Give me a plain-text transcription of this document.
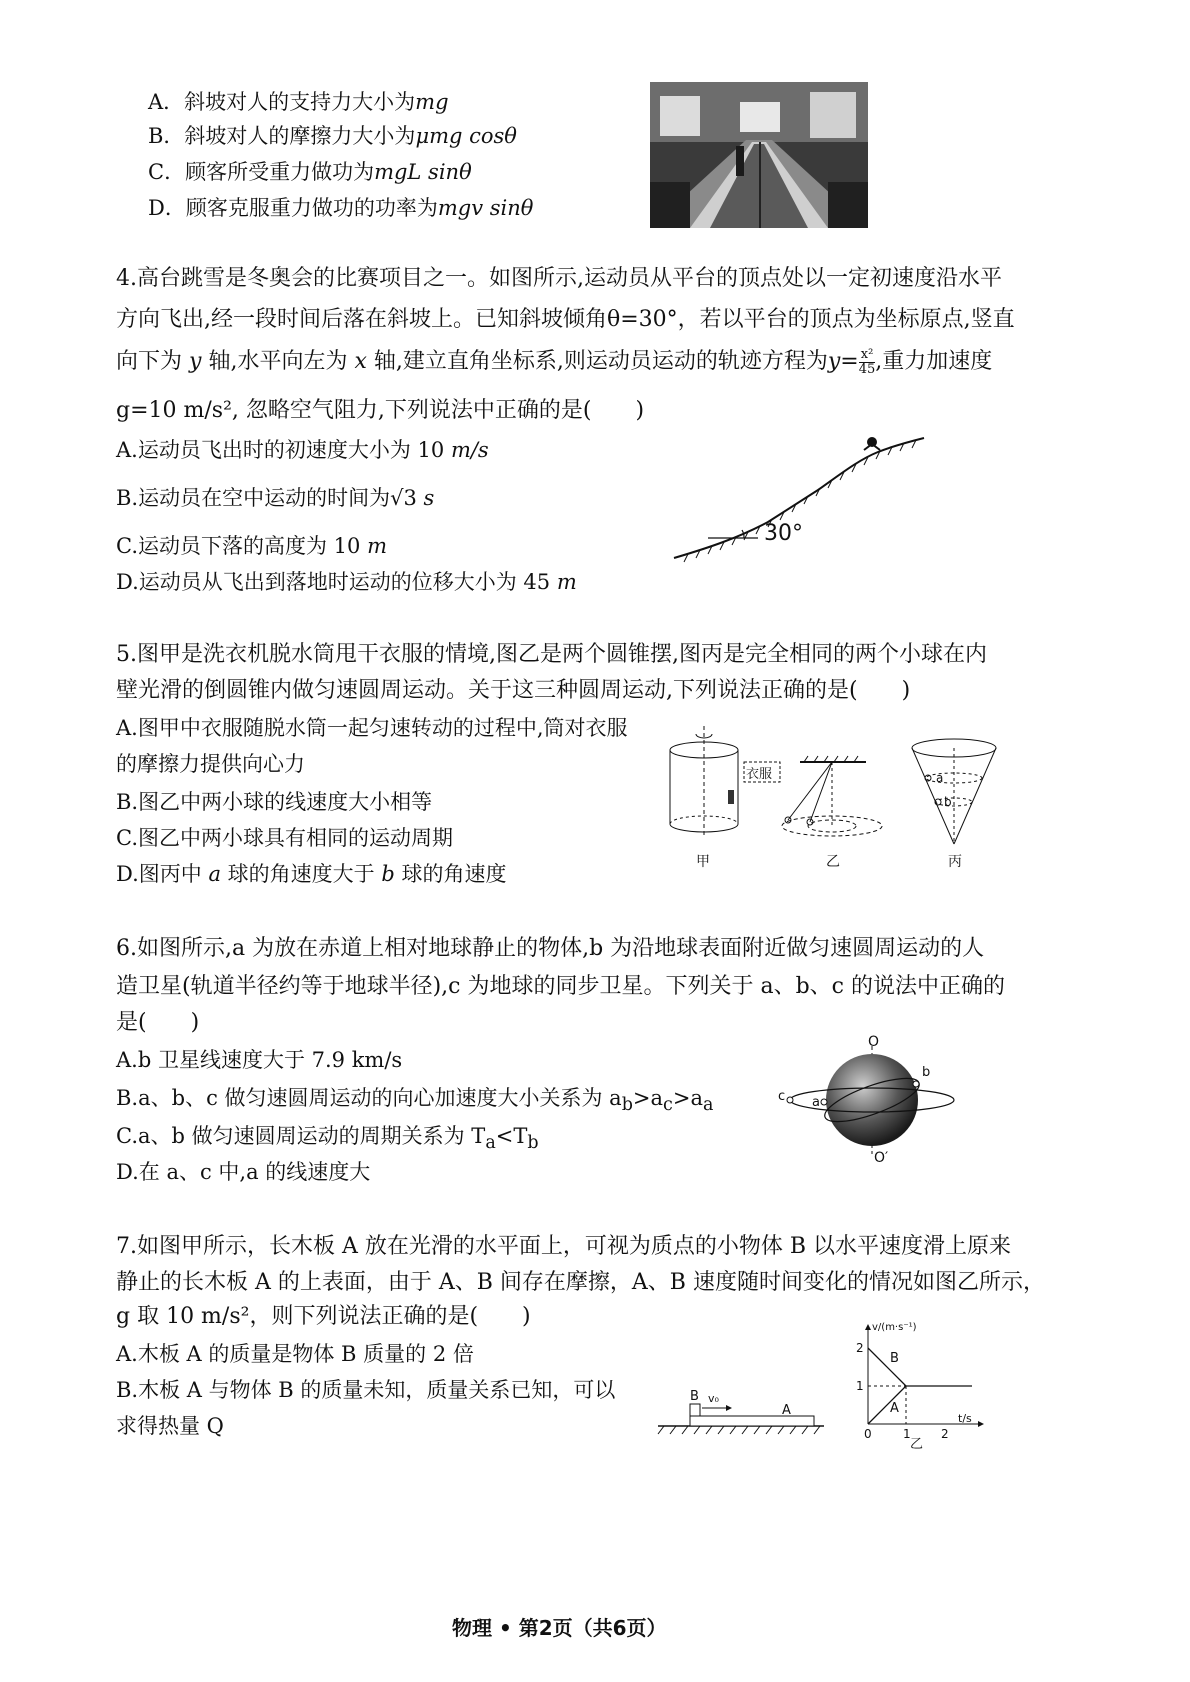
A．斜坡对人的支持力大小为mg
B．斜坡对人的摩擦力大小为μmg cosθ
C．顾客所受重力做功为mgL sinθ
D．顾客克服重力做功的功率为mgv sinθ
4.高台跳雪是冬奥会的比赛项目之一。如图所示,运动员从平台的顶点处以一定初速度沿水平
方向飞出,经一段时间后落在斜坡上。已知斜坡倾角θ=30°，若以平台的顶点为坐标原点,竖直
向下为 y 轴,水平向左为 x 轴,建立直角坐标系,则运动员运动的轨迹方程为$y= \frac{\text{x²}}{45}$ ,重力加速度
g=10 m/s², 忽略空气阻力,下列说法中正确的是(　　)
A.运动员飞出时的初速度大小为 10 m/s
B.运动员在空中运动的时间为√3 s
C.运动员下落的高度为 10 m
D.运动员从飞出到落地时运动的位移大小为 45 m
30°
5.图甲是洗衣机脱水筒甩干衣服的情境,图乙是两个圆锥摆,图丙是完全相同的两个小球在内
壁光滑的倒圆锥内做匀速圆周运动。关于这三种圆周运动,下列说法正确的是(　　)
A.图甲中衣服随脱水筒一起匀速转动的过程中,筒对衣服
的摩擦力提供向心力
B.图乙中两小球的线速度大小相等
C.图乙中两小球具有相同的运动周期
D.图丙中 a 球的角速度大于 b 球的角速度
衣服
甲	乙
a
b
丙
6.如图所示,a 为放在赤道上相对地球静止的物体,b 为沿地球表面附近做匀速圆周运动的人
造卫星(轨道半径约等于地球半径),c 为地球的同步卫星。下列关于 a、b、c 的说法中正确的
是(　　)
A.b 卫星线速度大于 7.9 km/s
B.a、b、c 做匀速圆周运动的向心加速度大小关系为 $a_b>a_c>a_a$
C.a、b 做匀速圆周运动的周期关系为 $T_a<T_b$
D.在 a、c 中,a 的线速度大
O
O′
a
b
c
7.如图甲所示，长木板 A 放在光滑的水平面上，可视为质点的小物体 B 以水平速度滑上原来
静止的长木板 A 的上表面，由于 A、B 间存在摩擦，A、B 速度随时间变化的情况如图乙所示，
g 取 10 m/s²，则下列说法正确的是(　　)
A.木板 A 的质量是物体 B 质量的 2 倍
B.木板 A 与物体 B 的质量未知，质量关系已知，可以
求得热量 Q
B v₀
A
v/(m·s⁻¹)
t/s
0	1	2
1
2
B
A
乙
物理 • 第2页（共6页）
